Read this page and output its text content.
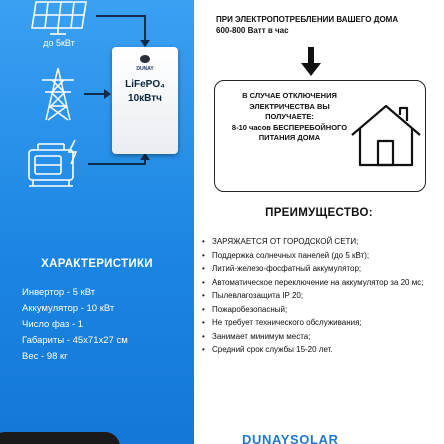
до 5кВт
DUNAY
LiFePO₄
10кВтч
ХАРАКТЕРИСТИКИ
Инвертор - 5 кВт
Аккумулятор - 10 кВт
Число фаз - 1
Габариты - 45х71х27 см
Вес - 98 кг
ПРИ ЭЛЕКТРОПОТРЕБЛЕНИИ ВАШЕГО ДОМА
600-800 Ватт в час
В СЛУЧАЕ ОТКЛЮЧЕНИЯ
ЭЛЕКТРИЧЕСТВА ВЫ
ПОЛУЧАЕТЕ:
8-10 часов БЕСПЕРЕБОЙНОГО
ПИТАНИЯ ДОМА
ПРЕИМУЩЕСТВО:
• ЗАРЯЖАЕТСЯ ОТ ГОРОДСКОЙ СЕТИ;
• Поддержка солнечных панелей (до 5 кВт);
• Литий-железо-фосфатный аккумулятор;
• Автоматическое переключение на аккумулятор за 20 мс;
• Пылевлагозащита IP 20;
• Пожаробезопасный;
• Не требует технического обслуживания;
• Занимает минимум места;
• Средний срок службы 15-20 лет.
DUNAYSOLAR
